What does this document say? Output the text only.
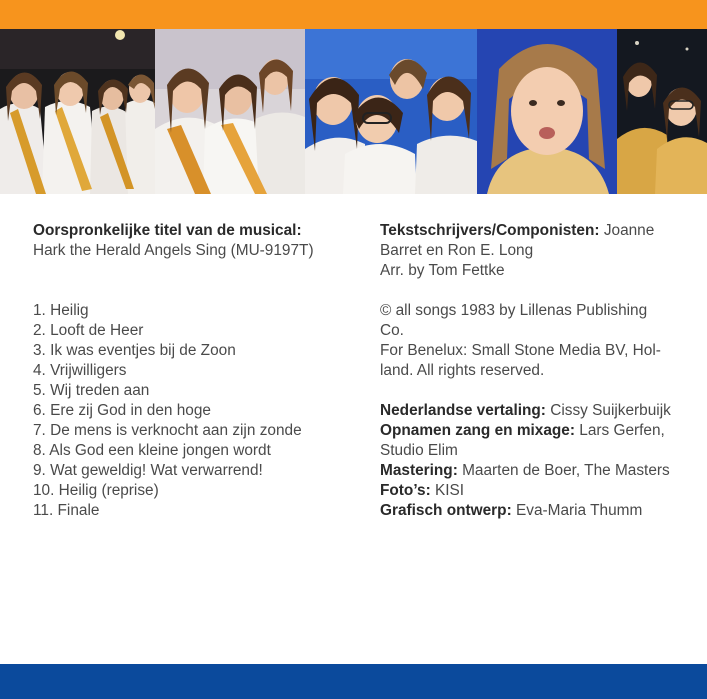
Oorspronkelijke titel van de musical:
Hark the Herald Angels Sing (MU-9197T)
1. Heilig
2. Looft de Heer
3. Ik was eventjes bij de Zoon
4. Vrijwilligers
5. Wij treden aan
6. Ere zij God in den hoge
7. De mens is verknocht aan zijn zonde
8. Als God een kleine jongen wordt
9. Wat geweldig! Wat verwarrend!
10. Heilig (reprise)
11. Finale
Tekstschrijvers/Componisten: Joanne
Barret en Ron E. Long
Arr. by Tom Fettke
© all songs 1983 by Lillenas Publishing
Co.
For Benelux: Small Stone Media BV, Hol-
land. All rights reserved.
Nederlandse vertaling: Cissy Suijkerbuijk
Opnamen zang en mixage: Lars Gerfen,
Studio Elim
Mastering: Maarten de Boer, The Masters
Foto’s: KISI
Grafisch ontwerp: Eva-Maria Thumm
